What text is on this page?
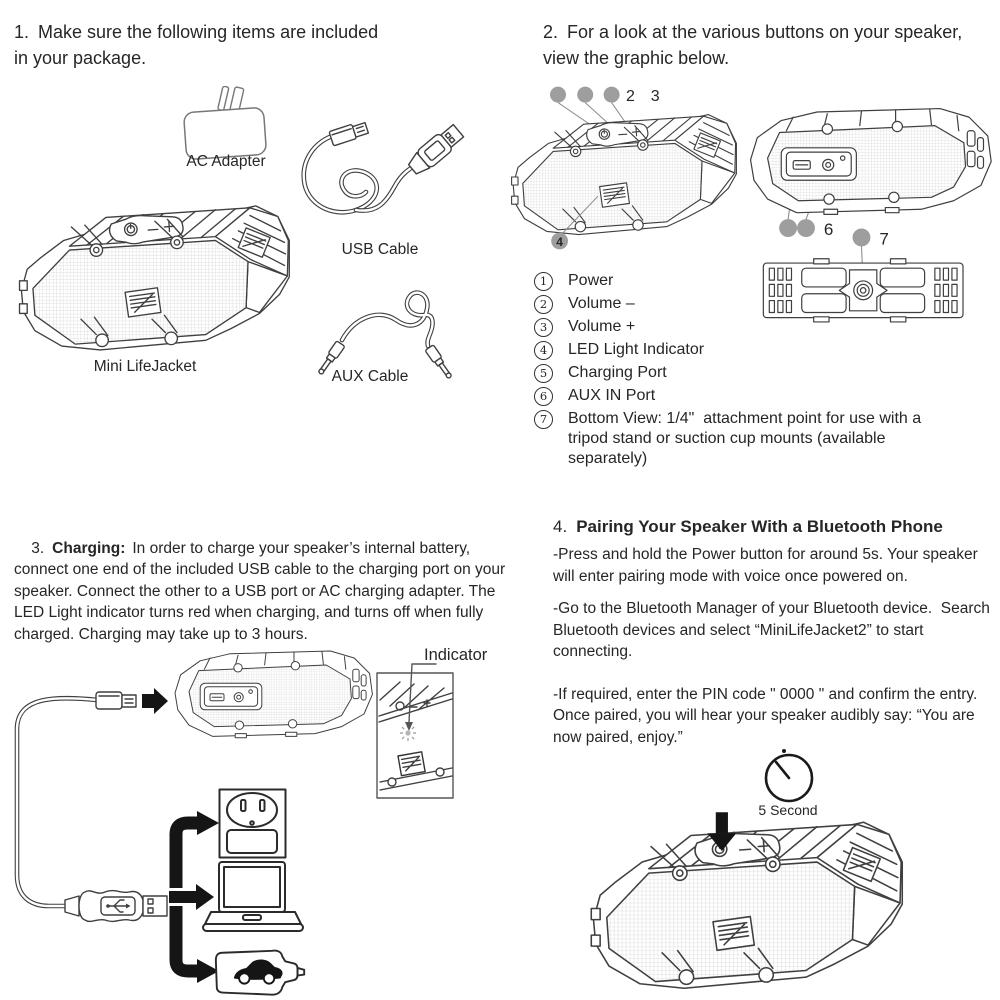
1. Make sure the following items are included in your package.
AC Adapter
USB Cable
Mini LifeJacket
AUX Cable
2. For a look at the various buttons on your speaker, view the graphic below.
2 3
4
6 7
1	Power
2	Volume –
3	Volume +
4	LED Light Indicator
5	Charging Port
6	AUX IN Port
7	Bottom View: 1/4"  attachment point for use with a tripod stand or suction cup mounts (available separately)

3. Charging: In order to charge your speaker’s internal battery, connect one end of the included USB cable to the charging port on your speaker. Connect the other to a USB port or AC charging adapter. The LED Light indicator turns red when charging, and turns off when fully charged. Charging may take up to 3 hours.

Indicator

4. Pairing Your Speaker With a Bluetooth Phone

-Press and hold the Power button for around 5s. Your speaker will enter pairing mode with voice once powered on.

-Go to the Bluetooth Manager of your Bluetooth device.  Search Bluetooth devices and select “MiniLifeJacket2” to start connecting.

-If required, enter the PIN code " 0000 " and confirm the entry. Once paired, you will hear your speaker audibly say: “You are now paired, enjoy.”

5 Second
